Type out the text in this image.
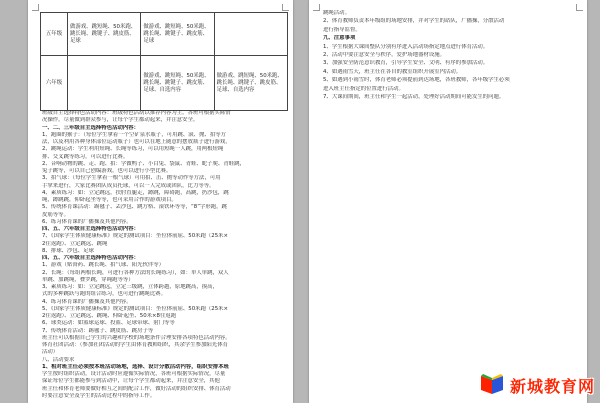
五年级	做游戏、跳短绳、50米跑、跳长绳、跳键子、跳皮筋、足球	做游戏、跳短绳、50米跑、跳长绳、跳键子、跳皮筋、足球	

六年级		做游戏、跳短绳、50米跑、跳长绳、跳键子、跳皮筋、足球、自选内容	做游戏、跳短绳、50米跑、跳长绳、跳键子、跳皮筋、足球、自选内容
班级自主选择特色活动内容：班级特色活动以推荐内容为主，各班可根据实际情
况操作，尽量做到群众参与，让每个学生都动起来，并注意安全。
一、二、三年级自主选择特色活动内容：
1、跑圈的猴子：（每位学生拿着一个空矿泉水瓶子，可用跳、滚、抛、拍等方
法，以及利用各种身体部位运动瓶子）也可以在地上随意的摆放瓶子进行游戏，
2、跳绳运动：学生利用短绳、长绳等练习，可以用短绳一人跳，用两根短绳
排、交叉跳等练习，可以进行比赛。
2、音响动物的跳、走、跑、拍：学做鸭子、小白兔、袋鼠、青蛙、蛇子爬、青蛙跳，
兔子跳等，可以自己创编游戏，也可以进行小型比赛。
3、拍气球：（每位学生拿着一根气球）可用拍、击、抛等动作等方法，可用
手掌来进行，大家比赛团队成员托球，可以一人完成或团队，比力等等。
4、素质练习：如：立定跳远，扶肘直腿走，蹲跳，障碍跑，高跳，扔沙包，跳
绳，蹲跳跳，仰卧起坐等等，也可采用合作的游戏项目。
5、传统体育课活动：踢毽子、丢沙包、跳方格、滚铁环等等，“8”字形跑，跳
皮筋等等。
6、练习体育课的广播操及其他内容。
四、五、六年级自主选择特色活动内容：
7、《国家学生体质健康标准》规定的测试项目：坐位体前屈、50米跑（25米×
2往返跑）、立定跳远、跳绳
8、排球、沙包、足球
四、五、六年级自主选择特色活动内容：
1、游戏（贴膏药、跳长绳、拍气球、阳光伙伴等）
2、长绳：（每组两根长绳，可进行各种方法的长绳练习），如：单人单跳，双人
单跳、加跳绳，叠罗跳，穿绳跑等等）
3、素质练习：如：立定跳远，立定三级跳，立体跨越，原地跳高，摸高，
式的多种跳跃与跑的组合练习，也可进行跳绳比赛。
4、练习体育课的广播操及其他内容。
5、《国家学生体质健康标准》规定的测试项目：坐位体前屈、50米跑（25米×
2往返跑）、立定跳远、跳绳、仰卧起坐、50米×8往返跑
6、球类运动：如篮球运球、投篮、足球带球、射门等等
7、传统体育活动：踢毽子、跳皮筋、跳房子等
班主任可以根据自己学生的兴趣和学校的场地条件合理安排各项特色活动内容。
体育社团活动：（参加社团活动的学生由体育教师组织，其余学生参加阳光体育
活动）
八、活动要求
1、相对班主任必须按本班活动场地，选择、设计分散活动内容，组织安排本班
学生按时组织活动，设计活动时应遵循实际情况，各班可根据实际情况，尽量
保证每位学生都能参与到活动中，让每个学生都动起来，并注意安全，其他
班主任和体育老师要做好相互之间的配合工作，做好活动的组织安排、体育活动
时要注意安全及学生的活动过程中的指导工作。
跳绳活动。
2、体育教师负责本年级组的场地安排，并对学生的站队，广播操，分散活动
进行指导监督。
九、注意事项
1、学生根据大课间整队分别有序进入活动场指定地点进行体育活动。
2、活动中要注意安全与秩序，爱护场地器材设施。
3、加强安全防范意识教育，引导学生安全、文明、有序的参加活动。
4、如遇雨雪天，班主任在各自的教室组织开展室内活动。
5、如遇到小雨雪时，体育老师必须提前到达场地，各班教师，各年级学生必须
进入班主任指定的位置进行活动。
7、大课间期间，班主任和学生一起活动，处理好活动期间可能发生的问题。
新城教育网
